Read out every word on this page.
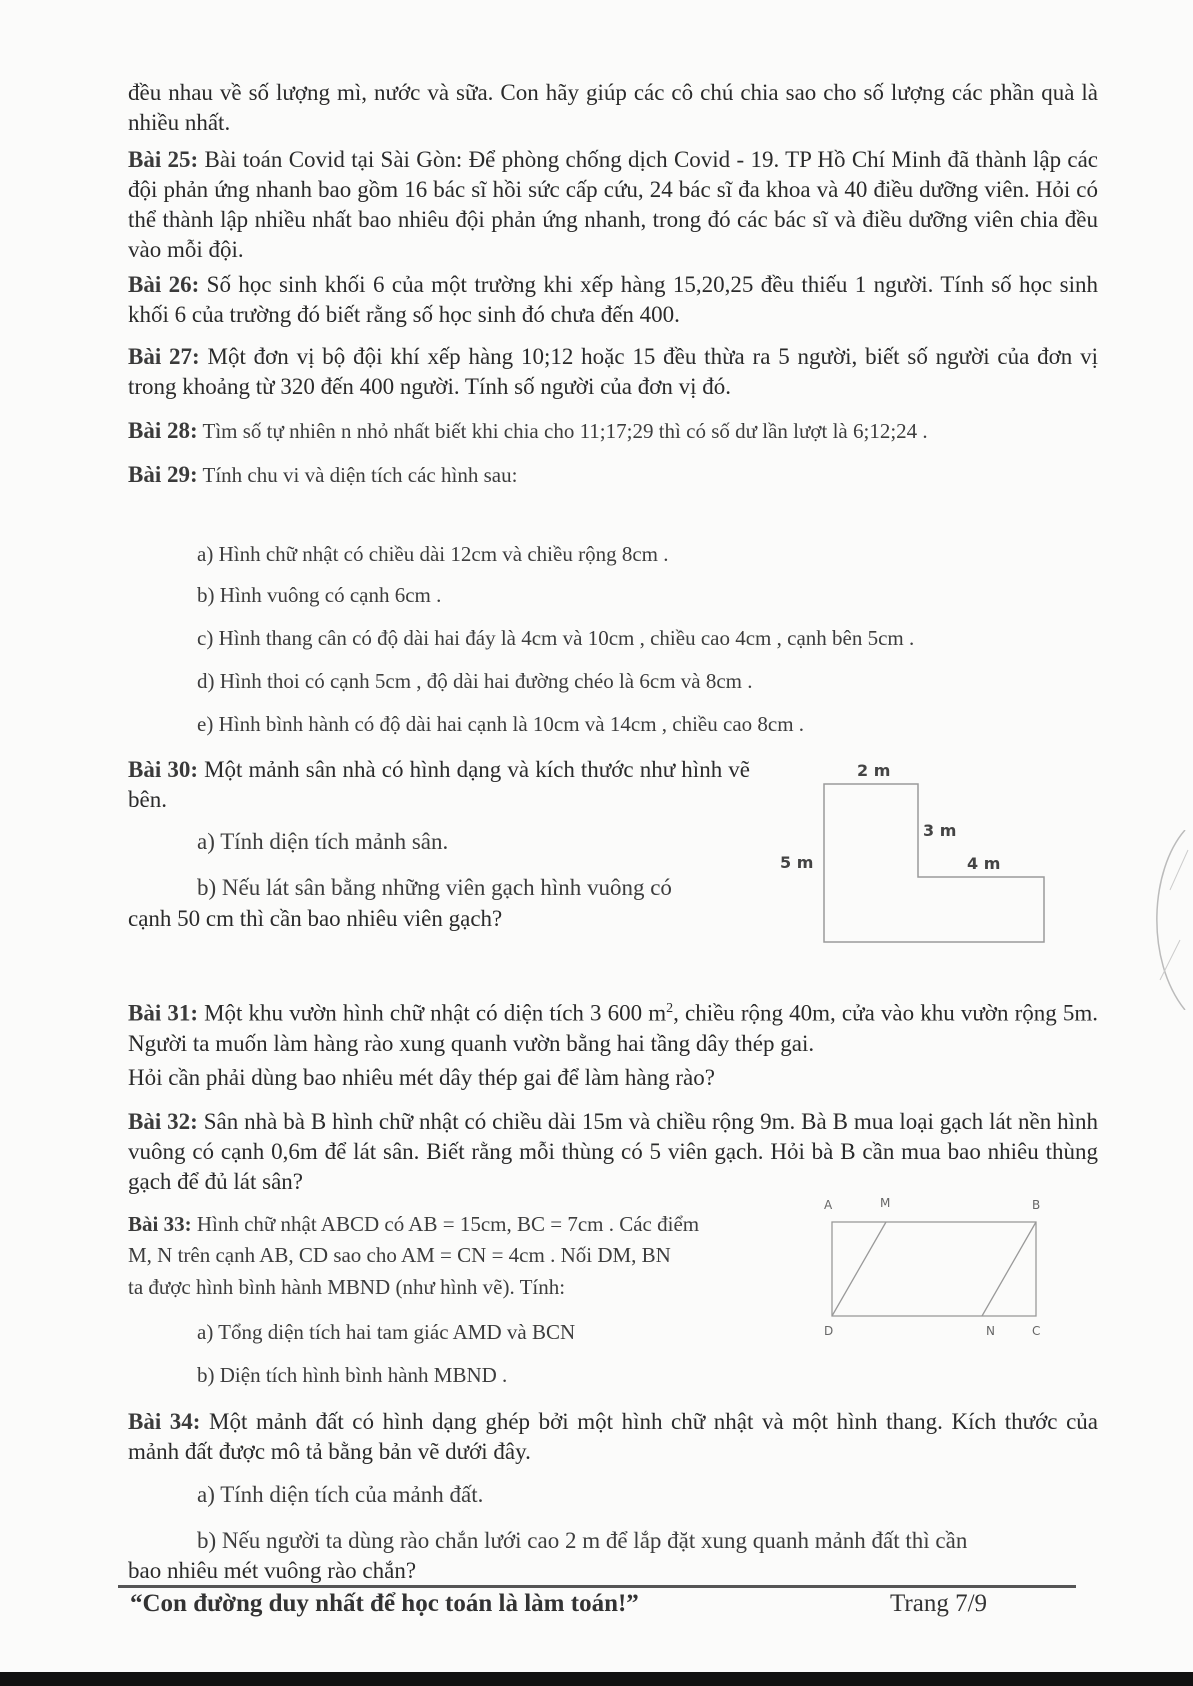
đều nhau về số lượng mì, nước và sữa. Con hãy giúp các cô chú chia sao cho số lượng các phần quà là nhiều nhất.

Bài 25: Bài toán Covid tại Sài Gòn: Để phòng chống dịch Covid - 19. TP Hồ Chí Minh đã thành lập các đội phản ứng nhanh bao gồm 16 bác sĩ hồi sức cấp cứu, 24 bác sĩ đa khoa và 40 điều dưỡng viên. Hỏi có thể thành lập nhiều nhất bao nhiêu đội phản ứng nhanh, trong đó các bác sĩ và điều dưỡng viên chia đều vào mỗi đội.

Bài 26: Số học sinh khối 6 của một trường khi xếp hàng 15,20,25 đều thiếu 1 người. Tính số học sinh khối 6 của trường đó biết rằng số học sinh đó chưa đến 400.

Bài 27: Một đơn vị bộ đội khí xếp hàng 10;12 hoặc 15 đều thừa ra 5 người, biết số người của đơn vị trong khoảng từ 320 đến 400 người. Tính số người của đơn vị đó.

Bài 28: Tìm số tự nhiên n nhỏ nhất biết khi chia cho 11;17;29 thì có số dư lần lượt là 6;12;24 .

Bài 29: Tính chu vi và diện tích các hình sau:

a) Hình chữ nhật có chiều dài 12cm và chiều rộng 8cm .

b) Hình vuông có cạnh 6cm .

c) Hình thang cân có độ dài hai đáy là 4cm và 10cm , chiều cao 4cm , cạnh bên 5cm .

d) Hình thoi có cạnh 5cm , độ dài hai đường chéo là 6cm và 8cm .

e) Hình bình hành có độ dài hai cạnh là 10cm và 14cm , chiều cao 8cm .

Bài 30: Một mảnh sân nhà có hình dạng và kích thước như hình vẽ bên.

a) Tính diện tích mảnh sân.

b) Nếu lát sân bằng những viên gạch hình vuông có

cạnh 50 cm thì cần bao nhiêu viên gạch?

2 m
5 m
3 m
4 m

Bài 31: Một khu vườn hình chữ nhật có diện tích 3 600 $m^2$, chiều rộng 40m, cửa vào khu vườn rộng 5m. Người ta muốn làm hàng rào xung quanh vườn bằng hai tầng dây thép gai.

Hỏi cần phải dùng bao nhiêu mét dây thép gai để làm hàng rào?

Bài 32: Sân nhà bà B hình chữ nhật có chiều dài 15m và chiều rộng 9m. Bà B mua loại gạch lát nền hình vuông có cạnh 0,6m để lát sân. Biết rằng mỗi thùng có 5 viên gạch. Hỏi bà B cần mua bao nhiêu thùng gạch để đủ lát sân?

Bài 33: Hình chữ nhật ABCD có AB = 15cm, BC = 7cm . Các điểm

M, N trên cạnh AB, CD sao cho AM = CN = 4cm . Nối DM, BN

ta được hình bình hành MBND (như hình vẽ). Tính:

a) Tổng diện tích hai tam giác AMD và BCN

b) Diện tích hình bình hành MBND .

A	M	B
D	N	C

Bài 34: Một mảnh đất có hình dạng ghép bởi một hình chữ nhật và một hình thang. Kích thước của mảnh đất được mô tả bằng bản vẽ dưới đây.

a) Tính diện tích của mảnh đất.

b) Nếu người ta dùng rào chắn lưới cao 2 m để lắp đặt xung quanh mảnh đất thì cần

bao nhiêu mét vuông rào chắn?

“Con đường duy nhất để học toán là làm toán!”	Trang 7/9
